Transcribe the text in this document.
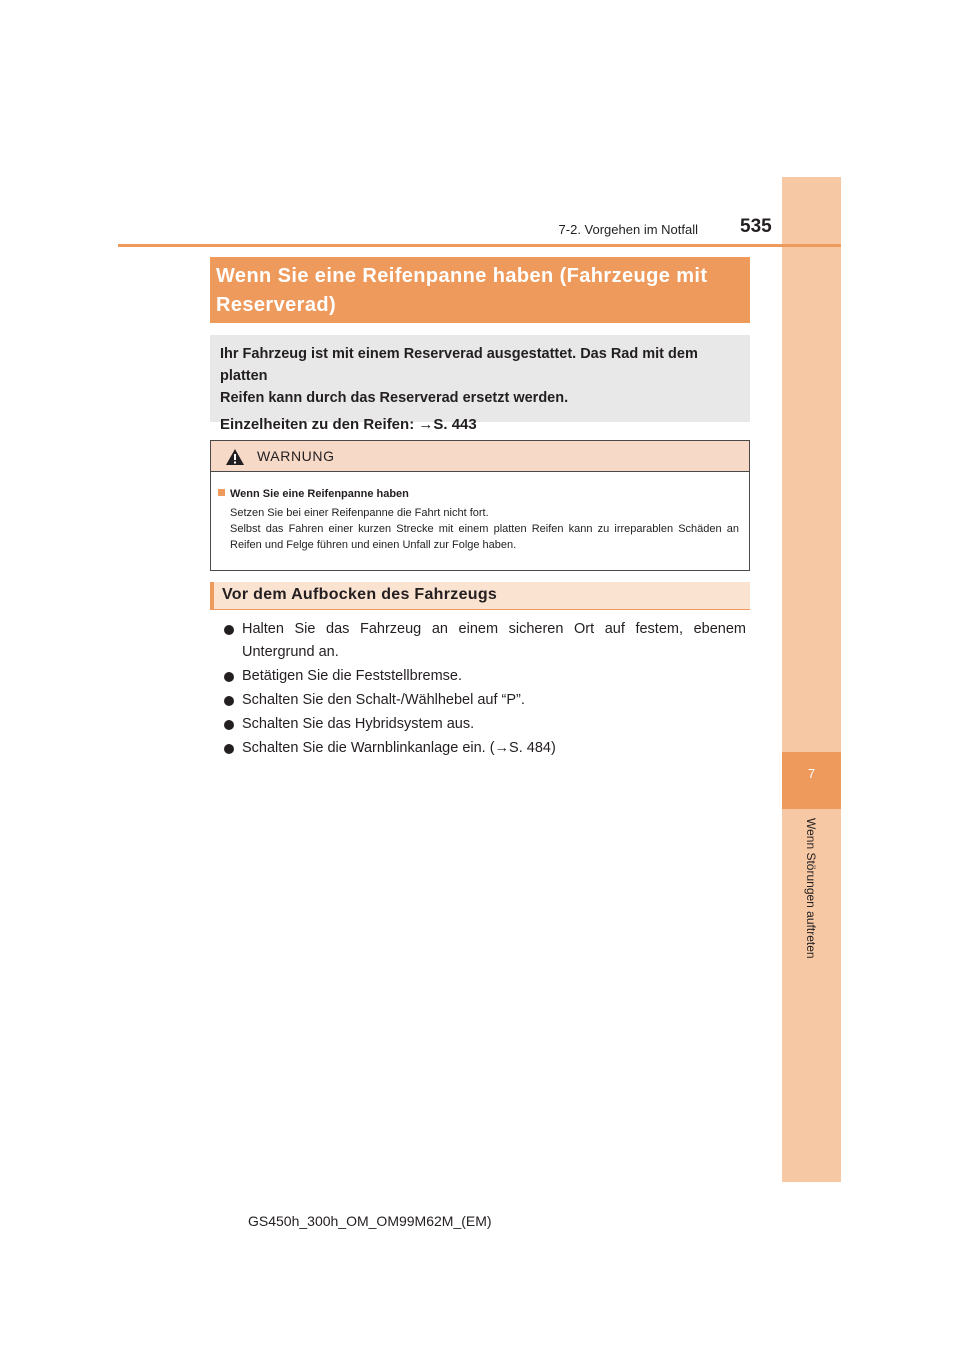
7
Wenn Störungen auftreten
7-2. Vorgehen im Notfall 535
Wenn Sie eine Reifenpanne haben (Fahrzeuge mit
Reserverad)

Ihr Fahrzeug ist mit einem Reserverad ausgestattet. Das Rad mit dem platten

Reifen kann durch das Reserverad ersetzt werden.

Einzelheiten zu den Reifen: →S. 443

WARNUNG
Wenn Sie eine Reifenpanne haben
Setzen Sie bei einer Reifenpanne die Fahrt nicht fort.
Selbst das Fahren einer kurzen Strecke mit einem platten Reifen kann zu irreparablen Schäden an Reifen und Felge führen und einen Unfall zur Folge haben.
Vor dem Aufbocken des Fahrzeugs
Halten Sie das Fahrzeug an einem sicheren Ort auf festem, ebenem Untergrund an.
Betätigen Sie die Feststellbremse.
Schalten Sie den Schalt-/Wählhebel auf “P”.
Schalten Sie das Hybridsystem aus.
Schalten Sie die Warnblinkanlage ein. (→S. 484)
GS450h_300h_OM_OM99M62M_(EM)
